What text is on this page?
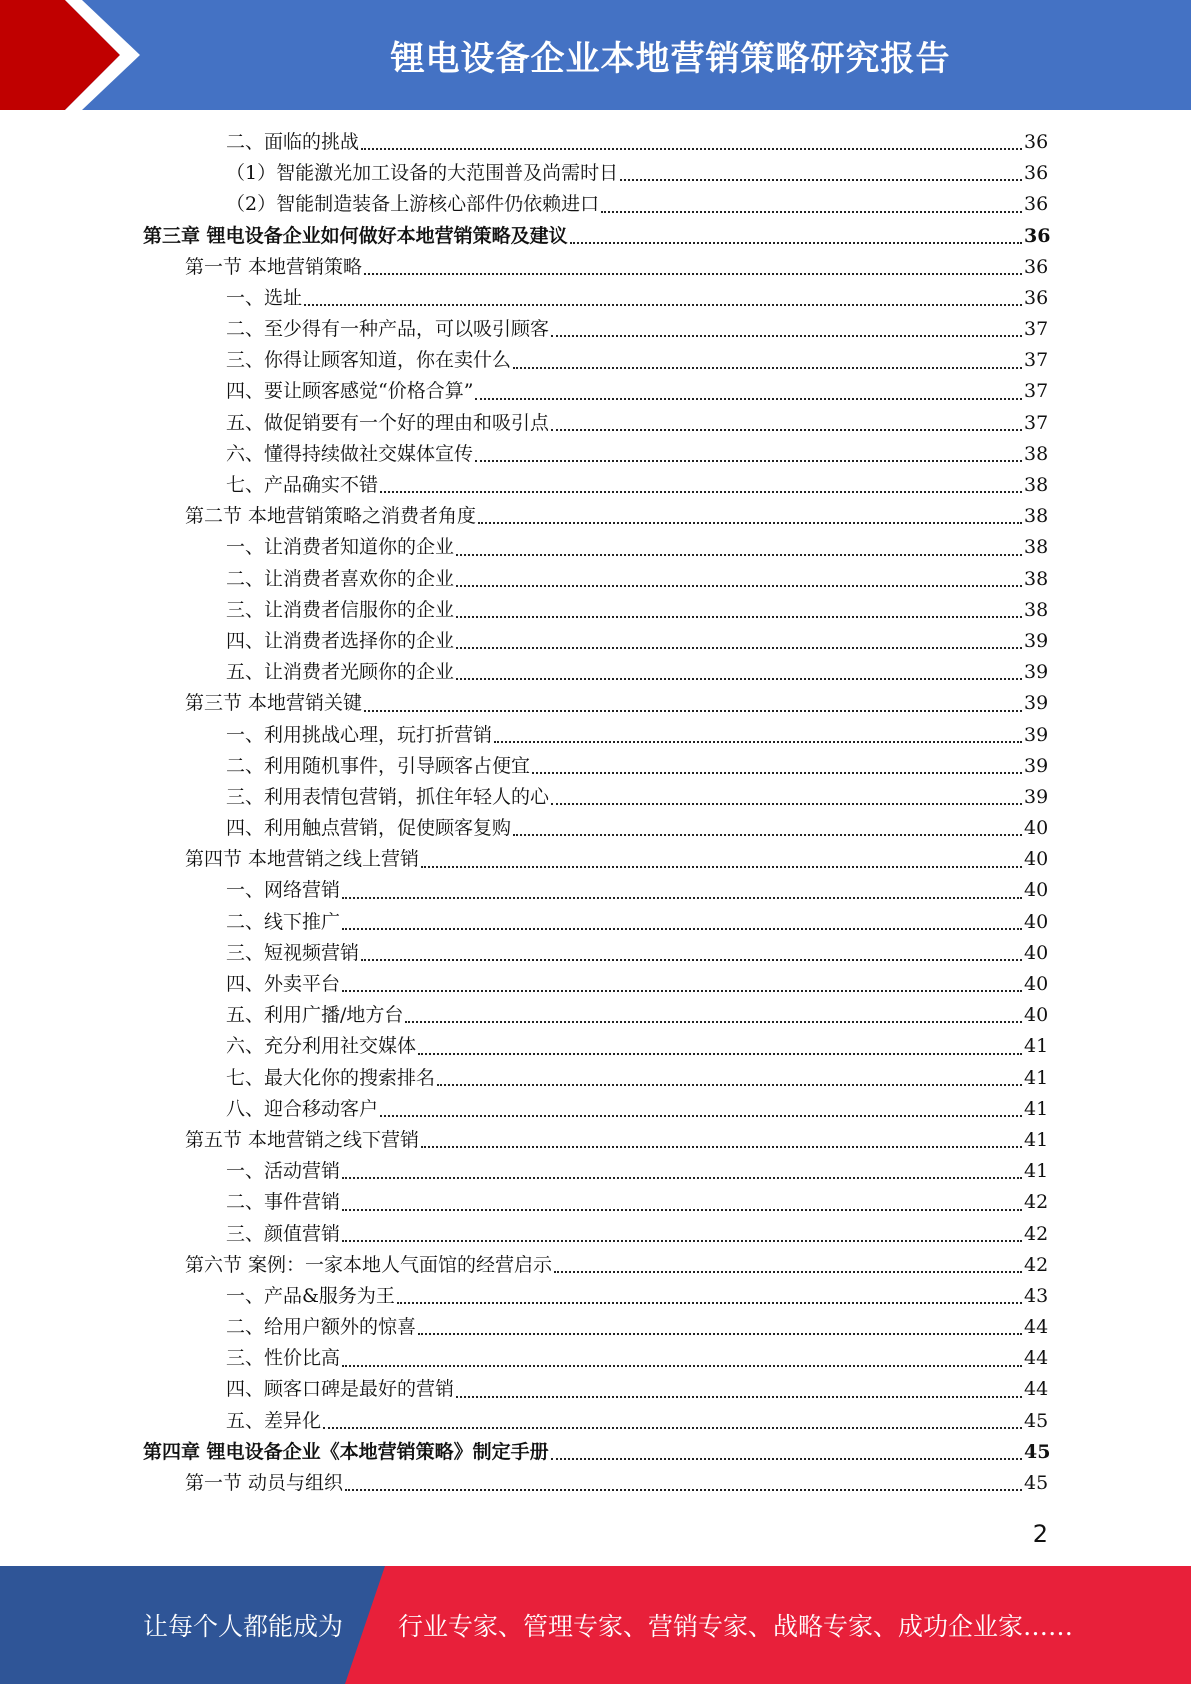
锂电设备企业本地营销策略研究报告
二、面临的挑战	36
（1）智能激光加工设备的大范围普及尚需时日	36
（2）智能制造装备上游核心部件仍依赖进口	36
第三章 锂电设备企业如何做好本地营销策略及建议	36
第一节 本地营销策略	36
一、选址	36
二、至少得有一种产品，可以吸引顾客	37
三、你得让顾客知道，你在卖什么	37
四、要让顾客感觉“价格合算”	37
五、做促销要有一个好的理由和吸引点	37
六、懂得持续做社交媒体宣传	38
七、产品确实不错	38
第二节 本地营销策略之消费者角度	38
一、让消费者知道你的企业	38
二、让消费者喜欢你的企业	38
三、让消费者信服你的企业	38
四、让消费者选择你的企业	39
五、让消费者光顾你的企业	39
第三节 本地营销关键	39
一、利用挑战心理，玩打折营销	39
二、利用随机事件，引导顾客占便宜	39
三、利用表情包营销，抓住年轻人的心	39
四、利用触点营销，促使顾客复购	40
第四节 本地营销之线上营销	40
一、网络营销	40
二、线下推广	40
三、短视频营销	40
四、外卖平台	40
五、利用广播/地方台	40
六、充分利用社交媒体	41
七、最大化你的搜索排名	41
八、迎合移动客户	41
第五节 本地营销之线下营销	41
一、活动营销	41
二、事件营销	42
三、颜值营销	42
第六节 案例：一家本地人气面馆的经营启示	42
一、产品&服务为王	43
二、给用户额外的惊喜	44
三、性价比高	44
四、顾客口碑是最好的营销	44
五、差异化	45
第四章 锂电设备企业《本地营销策略》制定手册	45
第一节 动员与组织	45
2
让每个人都能成为 行业专家、管理专家、营销专家、战略专家、成功企业家……
